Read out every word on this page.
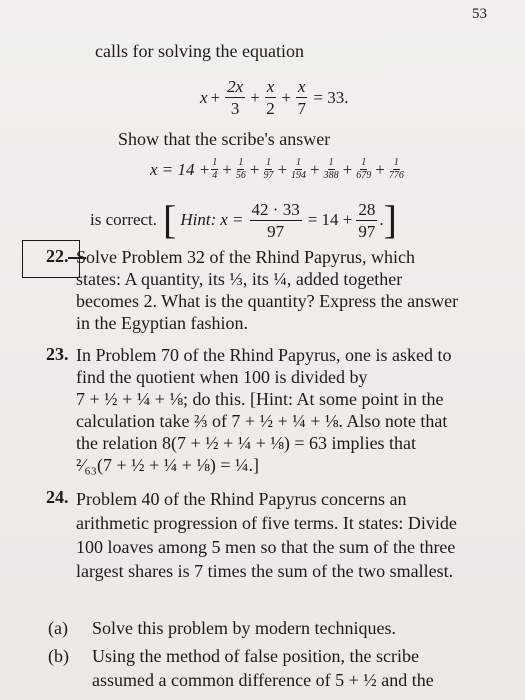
53
calls for solving the equation
$x + \frac{2x}{3} + \frac{x}{2} + \frac{x}{7} = 33$.
Show that the scribe's answer
$x = 14 + \frac{1}{4} + \frac{1}{56} + \frac{1}{97} + \frac{1}{194} + \frac{1}{388} + \frac{1}{679} + \frac{1}{776}$
is correct. [ Hint: $x = \frac{42 \cdot 33}{97} = 14 + \frac{28}{97}$ . ]
22. Solve Problem 32 of the Rhind Papyrus, which
states: A quantity, its ⅓, its ¼, added together
becomes 2. What is the quantity? Express the answer
in the Egyptian fashion.
23. In Problem 70 of the Rhind Papyrus, one is asked to
find the quotient when 100 is divided by
7 + ½ + ¼ + ⅛; do this. [Hint: At some point in the
calculation take ⅔ of 7 + ½ + ¼ + ⅛. Also note that
the relation 8(7 + ½ + ¼ + ⅛) = 63 implies that
²⁄₆₃(7 + ½ + ¼ + ⅛) = ¼.]
24. Problem 40 of the Rhind Papyrus concerns an
arithmetic progression of five terms. It states: Divide
100 loaves among 5 men so that the sum of the three
largest shares is 7 times the sum of the two smallest.
(a) Solve this problem by modern techniques.
(b) Using the method of false position, the scribe
assumed a common difference of 5 + ½ and the
